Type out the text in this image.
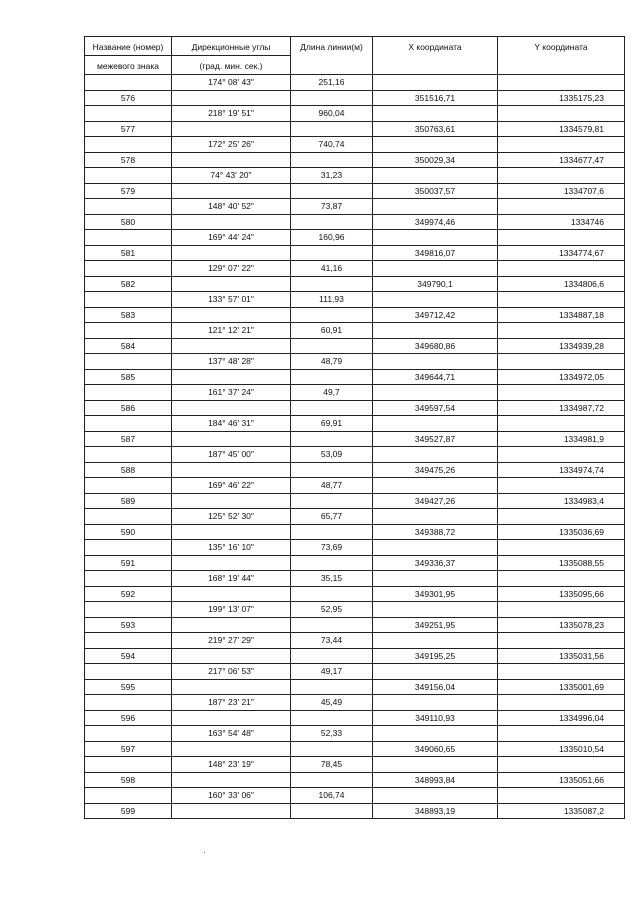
Название (номер)	Дирекционные углы	Длина линии(м)	X координата	Y координата
межевого знака	(град. мин. сек.)			
	174° 08' 43"	251,16		
576			351516,71	1335175,23
	218° 19' 51"	960,04		
577			350763,61	1334579,81
	172° 25' 26"	740,74		
578			350029,34	1334677,47
	74° 43' 20"	31,23		
579			350037,57	1334707,6
	148° 40' 52"	73,87		
580			349974,46	1334746
	169° 44' 24"	160,96		
581			349816,07	1334774,67
	129° 07' 22"	41,16		
582			349790,1	1334806,6
	133° 57' 01"	111,93		
583			349712,42	1334887,18
	121° 12' 21"	60,91		
584			349680,86	1334939,28
	137° 48' 28"	48,79		
585			349644,71	1334972,05
	161° 37' 24"	49,7		
586			349597,54	1334987,72
	184° 46' 31"	69,91		
587			349527,87	1334981,9
	187° 45' 00"	53,09		
588			349475,26	1334974,74
	169° 46' 22"	48,77		
589			349427,26	1334983,4
	125° 52' 30"	65,77		
590			349388,72	1335036,69
	135° 16' 10"	73,69		
591			349336,37	1335088,55
	168° 19' 44"	35,15		
592			349301,95	1335095,66
	199° 13' 07"	52,95		
593			349251,95	1335078,23
	219° 27' 29"	73,44		
594			349195,25	1335031,56
	217° 06' 53"	49,17		
595			349156,04	1335001,69
	187° 23' 21"	45,49		
596			349110,93	1334996,04
	163° 54' 48"	52,33		
597			349060,65	1335010,54
	148° 23' 19"	78,45		
598			348993,84	1335051,66
	160° 33' 06"	106,74		
599			348893,19	1335087,2
